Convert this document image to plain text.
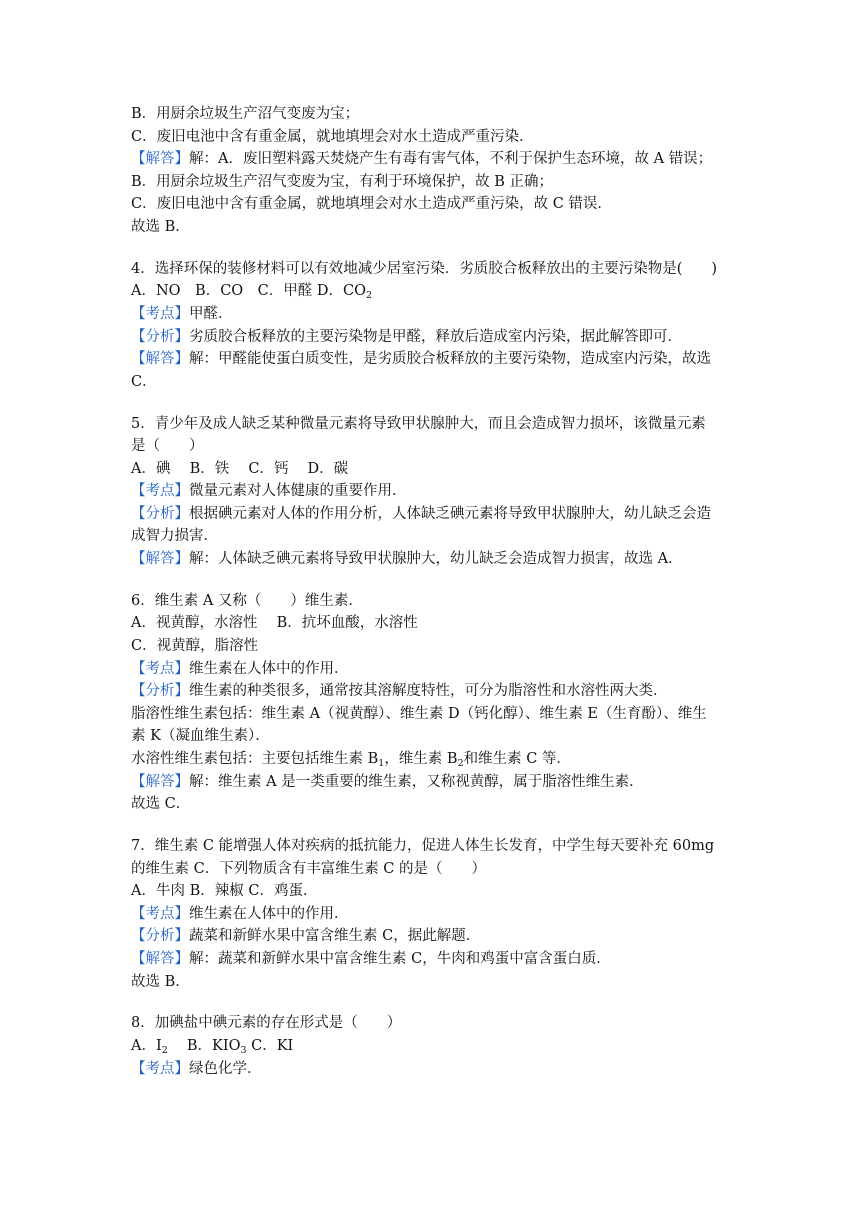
B．用厨余垃圾生产沼气变废为宝；
C．废旧电池中含有重金属，就地填埋会对水土造成严重污染．
【解答】解：A．废旧塑料露天焚烧产生有毒有害气体，不利于保护生态环境，故 A 错误；
B．用厨余垃圾生产沼气变废为宝，有利于环境保护，故 B 正确；
C．废旧电池中含有重金属，就地填埋会对水土造成严重污染，故 C 错误．
故选 B．
4．选择环保的装修材料可以有效地减少居室污染．劣质胶合板释放出的主要污染物是(　　)
A．NO　B．CO　C．甲醛 D．$CO_2$
【考点】甲醛．
【分析】劣质胶合板释放的主要污染物是甲醛，释放后造成室内污染，据此解答即可．
【解答】解：甲醛能使蛋白质变性，是劣质胶合板释放的主要污染物，造成室内污染，故选
C．
5．青少年及成人缺乏某种微量元素将导致甲状腺肿大，而且会造成智力损坏，该微量元素
是（　　）
A．碘　 B．铁　 C．钙　 D．碳
【考点】微量元素对人体健康的重要作用．
【分析】根据碘元素对人体的作用分析，人体缺乏碘元素将导致甲状腺肿大，幼儿缺乏会造
成智力损害．
【解答】解：人体缺乏碘元素将导致甲状腺肿大，幼儿缺乏会造成智力损害，故选 A．
6．维生素 A 又称（　　）维生素．
A．视黄醇，水溶性　 B．抗坏血酸，水溶性
C．视黄醇，脂溶性
【考点】维生素在人体中的作用．
【分析】维生素的种类很多，通常按其溶解度特性，可分为脂溶性和水溶性两大类．
脂溶性维生素包括：维生素 A（视黄醇）、维生素 D（钙化醇）、维生素 E（生育酚）、维生
素 K（凝血维生素）．
水溶性维生素包括：主要包括维生素 $B_1$，维生素 $B_2$和维生素 C 等．
【解答】解：维生素 A 是一类重要的维生素，又称视黄醇，属于脂溶性维生素．
故选 C．
7．维生素 C 能增强人体对疾病的抵抗能力，促进人体生长发育，中学生每天要补充 60mg
的维生素 C．下列物质含有丰富维生素 C 的是（　　）
A．牛肉 B．辣椒 C．鸡蛋．
【考点】维生素在人体中的作用．
【分析】蔬菜和新鲜水果中富含维生素 C，据此解题．
【解答】解：蔬菜和新鲜水果中富含维生素 C，牛肉和鸡蛋中富含蛋白质．
故选 B．
8．加碘盐中碘元素的存在形式是（　　）
A．$I_2$　 B．$KIO_3$ C．KI
【考点】绿色化学．
